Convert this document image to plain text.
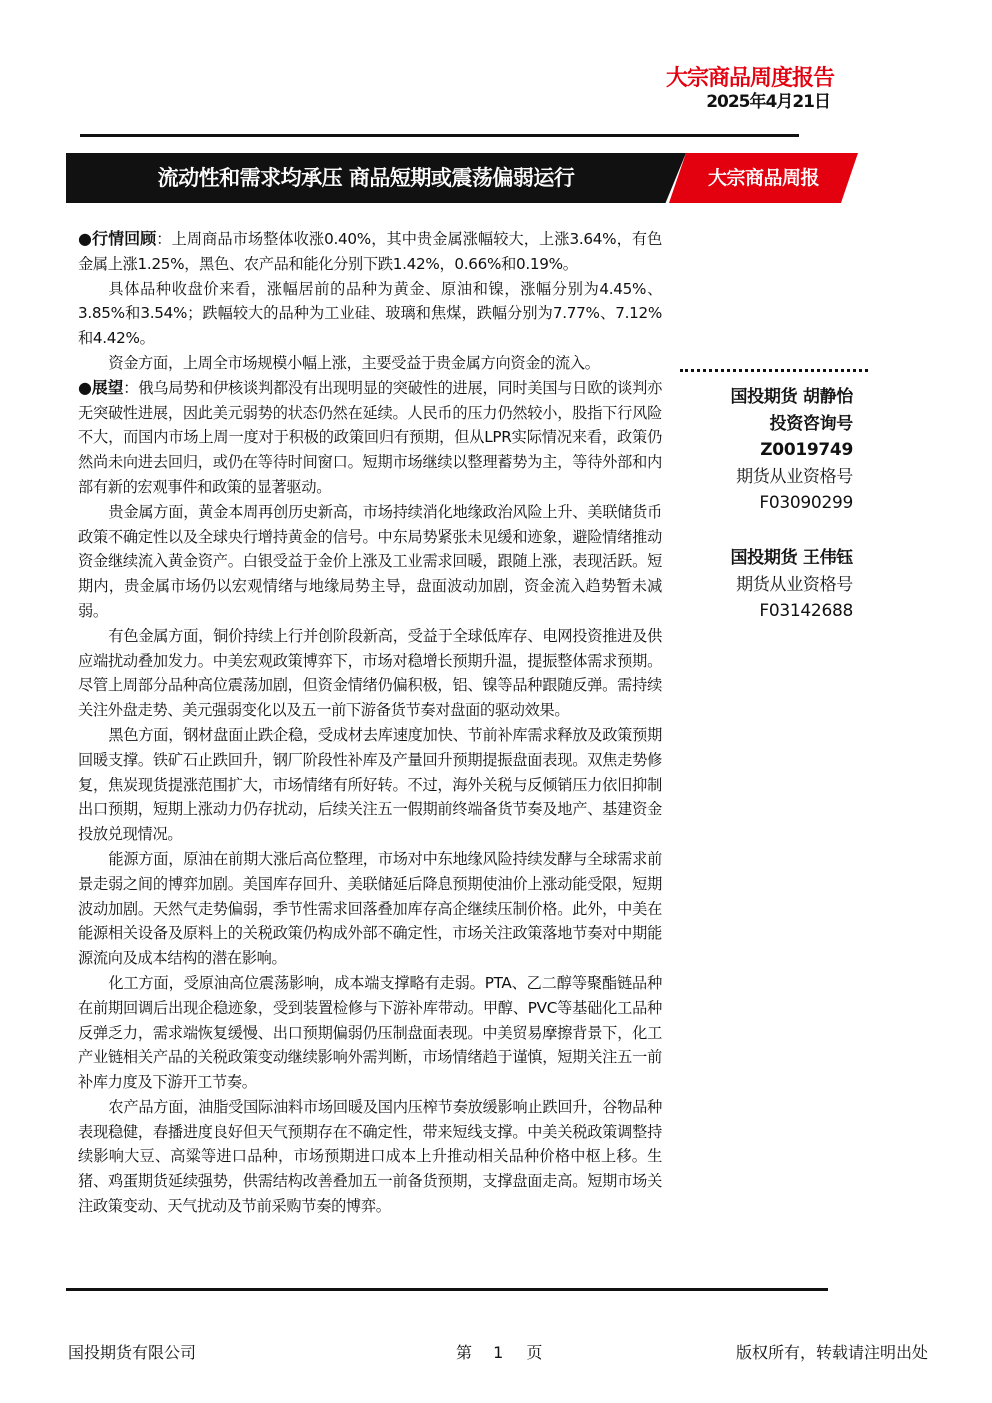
大宗商品周度报告
2025年4月21日
流动性和需求均承压 商品短期或震荡偏弱运行	大宗商品周报

●行情回顾：上周商品市场整体收涨0.40%，其中贵金属涨幅较大，上涨3.64%，有色金属上涨1.25%，黑色、农产品和能化分别下跌1.42%，0.66%和0.19%。

具体品种收盘价来看，涨幅居前的品种为黄金、原油和镍，涨幅分别为4.45%、3.85%和3.54%；跌幅较大的品种为工业硅、玻璃和焦煤，跌幅分别为7.77%、7.12%和4.42%。

资金方面，上周全市场规模小幅上涨，主要受益于贵金属方向资金的流入。

●展望：俄乌局势和伊核谈判都没有出现明显的突破性的进展，同时美国与日欧的谈判亦无突破性进展，因此美元弱势的状态仍然在延续。人民币的压力仍然较小，股指下行风险不大，而国内市场上周一度对于积极的政策回归有预期，但从LPR实际情况来看，政策仍然尚未向进去回归，或仍在等待时间窗口。短期市场继续以整理蓄势为主，等待外部和内部有新的宏观事件和政策的显著驱动。

贵金属方面，黄金本周再创历史新高，市场持续消化地缘政治风险上升、美联储货币政策不确定性以及全球央行增持黄金的信号。中东局势紧张未见缓和迹象，避险情绪推动资金继续流入黄金资产。白银受益于金价上涨及工业需求回暖，跟随上涨，表现活跃。短期内，贵金属市场仍以宏观情绪与地缘局势主导，盘面波动加剧，资金流入趋势暂未减弱。

有色金属方面，铜价持续上行并创阶段新高，受益于全球低库存、电网投资推进及供应端扰动叠加发力。中美宏观政策博弈下，市场对稳增长预期升温，提振整体需求预期。尽管上周部分品种高位震荡加剧，但资金情绪仍偏积极，铝、镍等品种跟随反弹。需持续关注外盘走势、美元强弱变化以及五一前下游备货节奏对盘面的驱动效果。

黑色方面，钢材盘面止跌企稳，受成材去库速度加快、节前补库需求释放及政策预期回暖支撑。铁矿石止跌回升，钢厂阶段性补库及产量回升预期提振盘面表现。双焦走势修复，焦炭现货提涨范围扩大，市场情绪有所好转。不过，海外关税与反倾销压力依旧抑制出口预期，短期上涨动力仍存扰动，后续关注五一假期前终端备货节奏及地产、基建资金投放兑现情况。

能源方面，原油在前期大涨后高位整理，市场对中东地缘风险持续发酵与全球需求前景走弱之间的博弈加剧。美国库存回升、美联储延后降息预期使油价上涨动能受限，短期波动加剧。天然气走势偏弱，季节性需求回落叠加库存高企继续压制价格。此外，中美在能源相关设备及原料上的关税政策仍构成外部不确定性，市场关注政策落地节奏对中期能源流向及成本结构的潜在影响。

化工方面，受原油高位震荡影响，成本端支撑略有走弱。PTA、乙二醇等聚酯链品种在前期回调后出现企稳迹象，受到装置检修与下游补库带动。甲醇、PVC等基础化工品种反弹乏力，需求端恢复缓慢、出口预期偏弱仍压制盘面表现。中美贸易摩擦背景下，化工产业链相关产品的关税政策变动继续影响外需判断，市场情绪趋于谨慎，短期关注五一前补库力度及下游开工节奏。

农产品方面，油脂受国际油料市场回暖及国内压榨节奏放缓影响止跌回升，谷物品种表现稳健，春播进度良好但天气预期存在不确定性，带来短线支撑。中美关税政策调整持续影响大豆、高粱等进口品种，市场预期进口成本上升推动相关品种价格中枢上移。生猪、鸡蛋期货延续强势，供需结构改善叠加五一前备货预期，支撑盘面走高。短期市场关注政策变动、天气扰动及节前采购节奏的博弈。

国投期货 胡静怡
投资咨询号
Z0019749
期货从业资格号
F03090299
国投期货 王伟钰
期货从业资格号
F03142688
国投期货有限公司	第 1 页	版权所有，转载请注明出处
